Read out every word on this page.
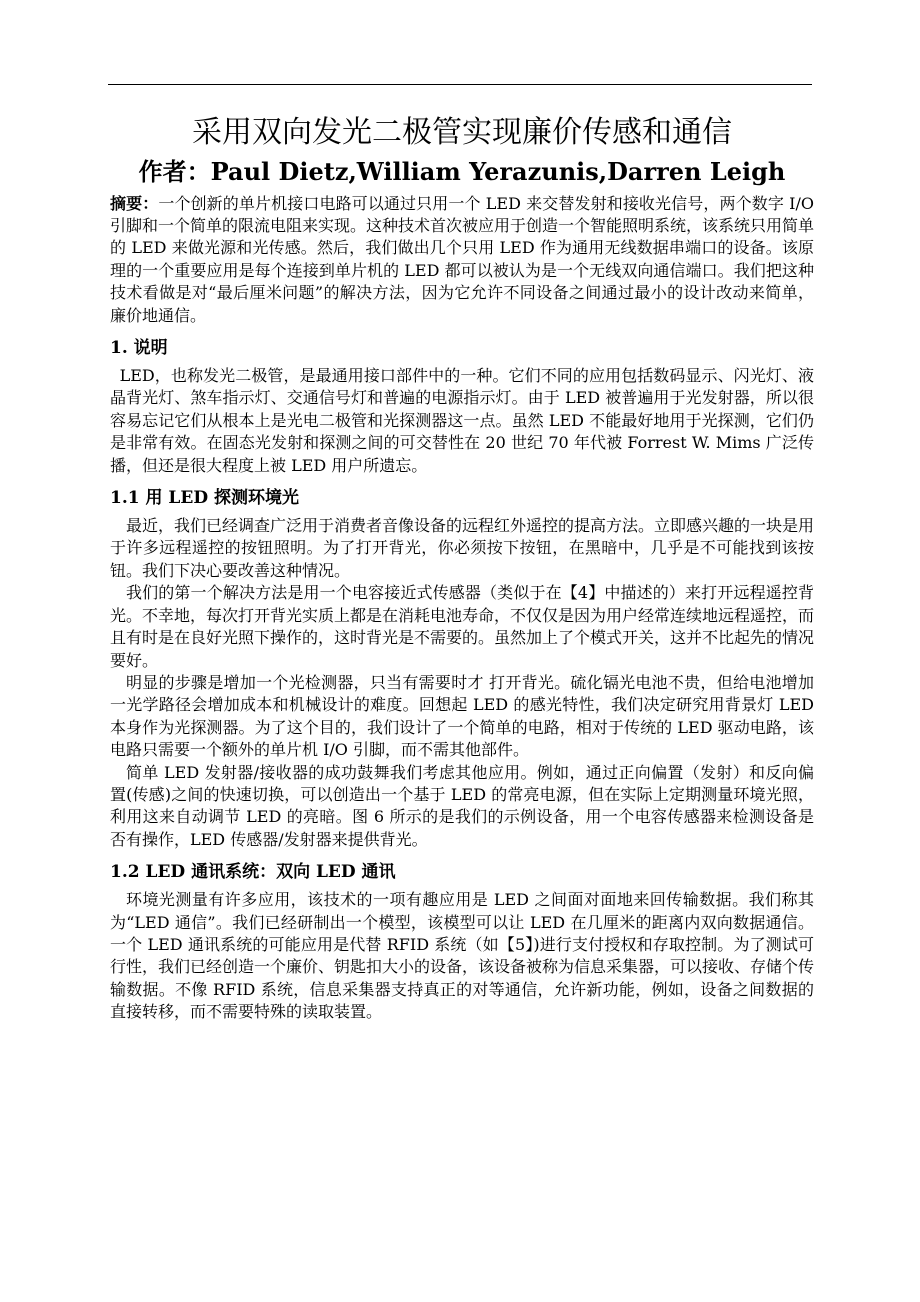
采用双向发光二极管实现廉价传感和通信
作者：Paul Dietz,William Yerazunis,Darren Leigh

摘要：一个创新的单片机接口电路可以通过只用一个 LED 来交替发射和接收光信号，两个数字 I/O 引脚和一个简单的限流电阻来实现。这种技术首次被应用于创造一个智能照明系统，该系统只用简单的 LED 来做光源和光传感。然后，我们做出几个只用 LED 作为通用无线数据串端口的设备。该原理的一个重要应用是每个连接到单片机的 LED 都可以被认为是一个无线双向通信端口。我们把这种技术看做是对“最后厘米问题”的解决方法，因为它允许不同设备之间通过最小的设计改动来简单，廉价地通信。

1. 说明

LED，也称发光二极管，是最通用接口部件中的一种。它们不同的应用包括数码显示、闪光灯、液晶背光灯、煞车指示灯、交通信号灯和普遍的电源指示灯。由于 LED 被普遍用于光发射器，所以很容易忘记它们从根本上是光电二极管和光探测器这一点。虽然 LED 不能最好地用于光探测，它们仍是非常有效。在固态光发射和探测之间的可交替性在 20 世纪 70 年代被 Forrest W. Mims 广泛传播，但还是很大程度上被 LED 用户所遗忘。

1.1 用 LED 探测环境光

最近，我们已经调查广泛用于消费者音像设备的远程红外遥控的提高方法。立即感兴趣的一块是用于许多远程遥控的按钮照明。为了打开背光，你必须按下按钮，在黑暗中，几乎是不可能找到该按钮。我们下决心要改善这种情况。

我们的第一个解决方法是用一个电容接近式传感器（类似于在【4】中描述的）来打开远程遥控背光。不幸地，每次打开背光实质上都是在消耗电池寿命，不仅仅是因为用户经常连续地远程遥控，而且有时是在良好光照下操作的，这时背光是不需要的。虽然加上了个模式开关，这并不比起先的情况要好。

明显的步骤是增加一个光检测器，只当有需要时才 打开背光。硫化镉光电池不贵，但给电池增加一光学路径会增加成本和机械设计的难度。回想起 LED 的感光特性，我们决定研究用背景灯 LED 本身作为光探测器。为了这个目的，我们设计了一个简单的电路，相对于传统的 LED 驱动电路，该电路只需要一个额外的单片机 I/O 引脚，而不需其他部件。

简单 LED 发射器/接收器的成功鼓舞我们考虑其他应用。例如，通过正向偏置（发射）和反向偏置(传感)之间的快速切换，可以创造出一个基于 LED 的常亮电源，但在实际上定期测量环境光照，利用这来自动调节 LED 的亮暗。图 6 所示的是我们的示例设备，用一个电容传感器来检测设备是否有操作，LED 传感器/发射器来提供背光。

1.2 LED 通讯系统：双向 LED 通讯

环境光测量有许多应用，该技术的一项有趣应用是 LED 之间面对面地来回传输数据。我们称其为“LED 通信”。我们已经研制出一个模型，该模型可以让 LED 在几厘米的距离内双向数据通信。一个 LED 通讯系统的可能应用是代替 RFID 系统（如【5】)进行支付授权和存取控制。为了测试可行性，我们已经创造一个廉价、钥匙扣大小的设备，该设备被称为信息采集器，可以接收、存储个传输数据。不像 RFID 系统，信息采集器支持真正的对等通信，允许新功能，例如，设备之间数据的直接转移，而不需要特殊的读取装置。
